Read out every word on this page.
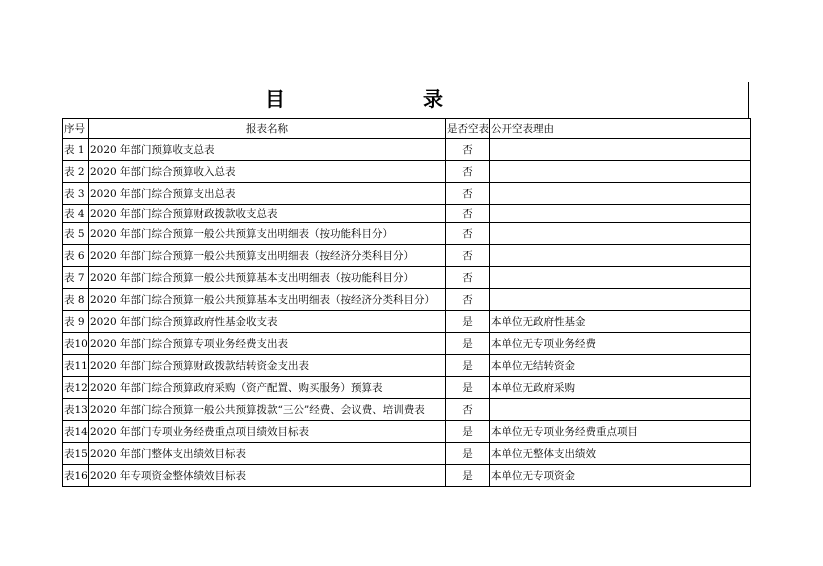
目	录
序号	报表名称	是否空表	公开空表理由
表 1	2020 年部门预算收支总表	否	
表 2	2020 年部门综合预算收入总表	否	
表 3	2020 年部门综合预算支出总表	否	
表 4	2020 年部门综合预算财政拨款收支总表	否	
表 5	2020 年部门综合预算一般公共预算支出明细表（按功能科目分）	否	
表 6	2020 年部门综合预算一般公共预算支出明细表（按经济分类科目分）	否	
表 7	2020 年部门综合预算一般公共预算基本支出明细表（按功能科目分）	否	
表 8	2020 年部门综合预算一般公共预算基本支出明细表（按经济分类科目分）	否	
表 9	2020 年部门综合预算政府性基金收支表	是	本单位无政府性基金
表10	2020 年部门综合预算专项业务经费支出表	是	本单位无专项业务经费
表11	2020 年部门综合预算财政拨款结转资金支出表	是	本单位无结转资金
表12	2020 年部门综合预算政府采购（资产配置、购买服务）预算表	是	本单位无政府采购
表13	2020 年部门综合预算一般公共预算拨款“三公”经费、会议费、培训费表	否	
表14	2020 年部门专项业务经费重点项目绩效目标表	是	本单位无专项业务经费重点项目
表15	2020 年部门整体支出绩效目标表	是	本单位无整体支出绩效
表16	2020 年专项资金整体绩效目标表	是	本单位无专项资金
